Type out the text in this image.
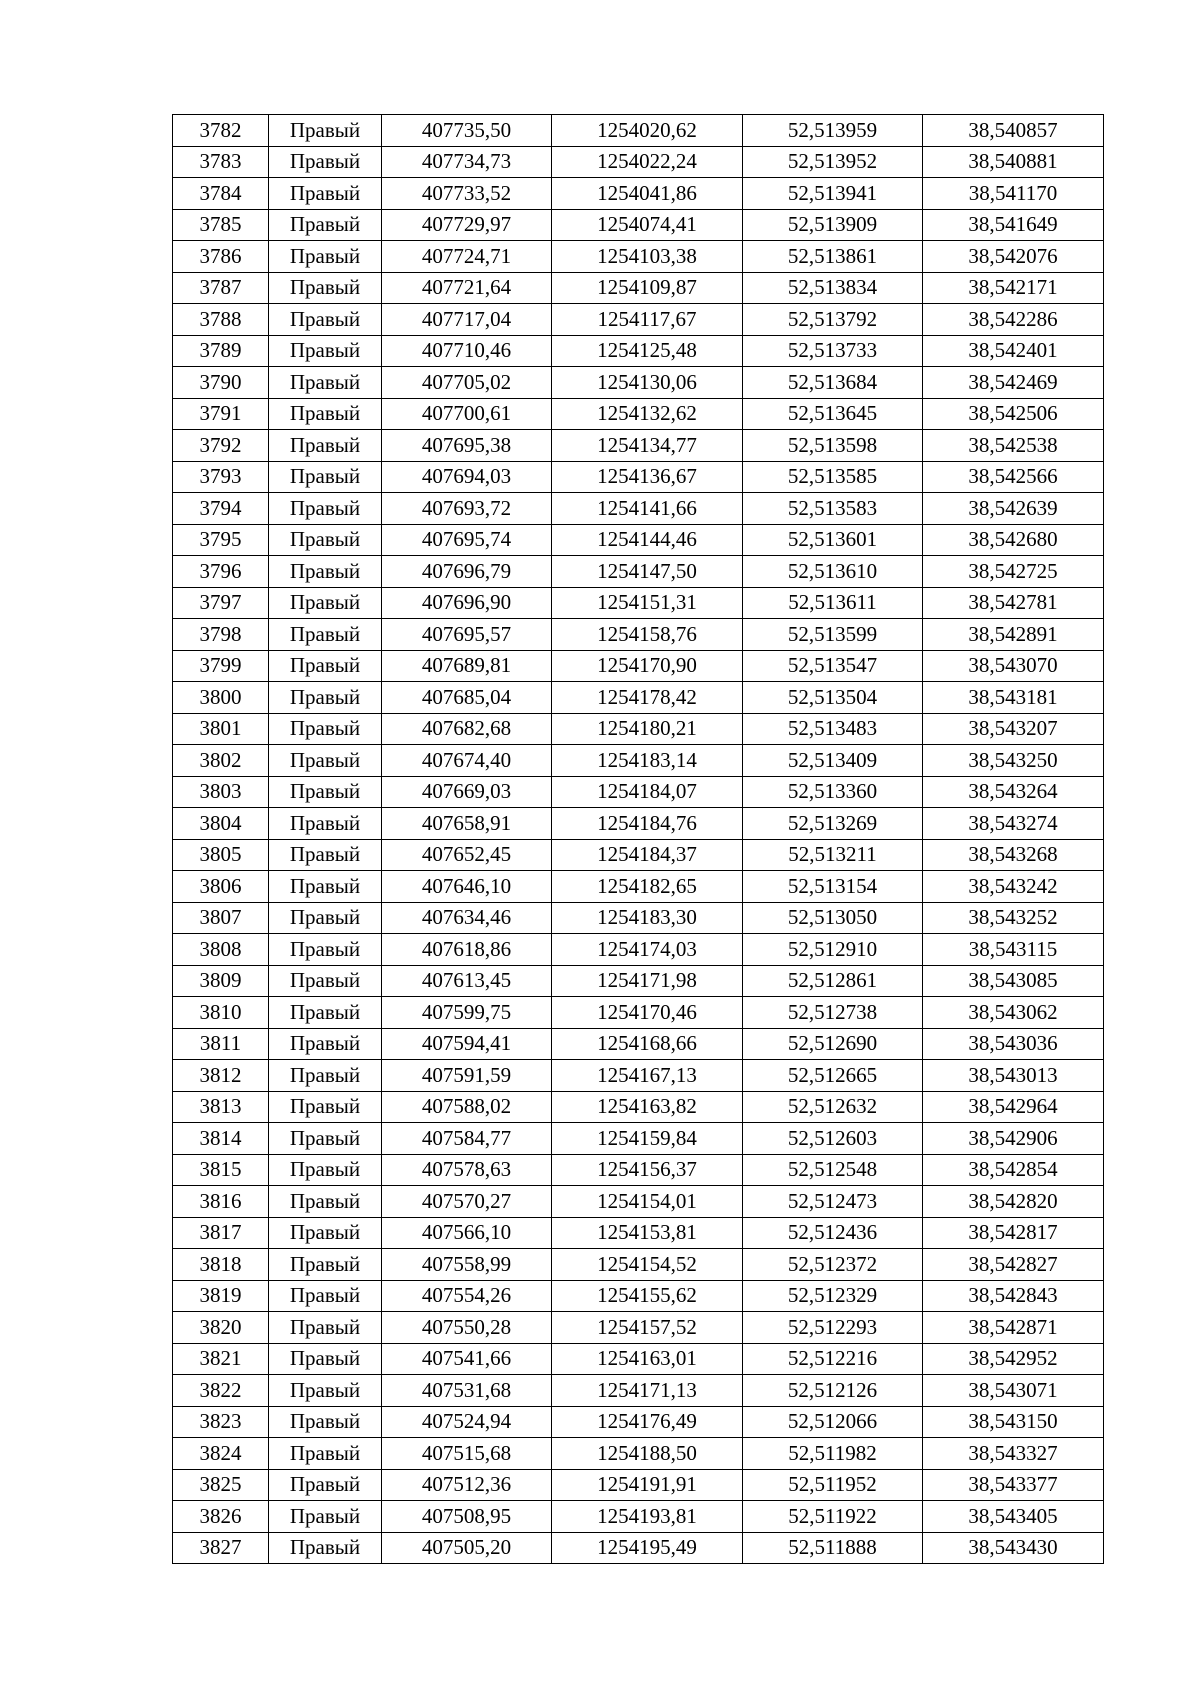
3782	Правый	407735,50	1254020,62	52,513959	38,540857
3783	Правый	407734,73	1254022,24	52,513952	38,540881
3784	Правый	407733,52	1254041,86	52,513941	38,541170
3785	Правый	407729,97	1254074,41	52,513909	38,541649
3786	Правый	407724,71	1254103,38	52,513861	38,542076
3787	Правый	407721,64	1254109,87	52,513834	38,542171
3788	Правый	407717,04	1254117,67	52,513792	38,542286
3789	Правый	407710,46	1254125,48	52,513733	38,542401
3790	Правый	407705,02	1254130,06	52,513684	38,542469
3791	Правый	407700,61	1254132,62	52,513645	38,542506
3792	Правый	407695,38	1254134,77	52,513598	38,542538
3793	Правый	407694,03	1254136,67	52,513585	38,542566
3794	Правый	407693,72	1254141,66	52,513583	38,542639
3795	Правый	407695,74	1254144,46	52,513601	38,542680
3796	Правый	407696,79	1254147,50	52,513610	38,542725
3797	Правый	407696,90	1254151,31	52,513611	38,542781
3798	Правый	407695,57	1254158,76	52,513599	38,542891
3799	Правый	407689,81	1254170,90	52,513547	38,543070
3800	Правый	407685,04	1254178,42	52,513504	38,543181
3801	Правый	407682,68	1254180,21	52,513483	38,543207
3802	Правый	407674,40	1254183,14	52,513409	38,543250
3803	Правый	407669,03	1254184,07	52,513360	38,543264
3804	Правый	407658,91	1254184,76	52,513269	38,543274
3805	Правый	407652,45	1254184,37	52,513211	38,543268
3806	Правый	407646,10	1254182,65	52,513154	38,543242
3807	Правый	407634,46	1254183,30	52,513050	38,543252
3808	Правый	407618,86	1254174,03	52,512910	38,543115
3809	Правый	407613,45	1254171,98	52,512861	38,543085
3810	Правый	407599,75	1254170,46	52,512738	38,543062
3811	Правый	407594,41	1254168,66	52,512690	38,543036
3812	Правый	407591,59	1254167,13	52,512665	38,543013
3813	Правый	407588,02	1254163,82	52,512632	38,542964
3814	Правый	407584,77	1254159,84	52,512603	38,542906
3815	Правый	407578,63	1254156,37	52,512548	38,542854
3816	Правый	407570,27	1254154,01	52,512473	38,542820
3817	Правый	407566,10	1254153,81	52,512436	38,542817
3818	Правый	407558,99	1254154,52	52,512372	38,542827
3819	Правый	407554,26	1254155,62	52,512329	38,542843
3820	Правый	407550,28	1254157,52	52,512293	38,542871
3821	Правый	407541,66	1254163,01	52,512216	38,542952
3822	Правый	407531,68	1254171,13	52,512126	38,543071
3823	Правый	407524,94	1254176,49	52,512066	38,543150
3824	Правый	407515,68	1254188,50	52,511982	38,543327
3825	Правый	407512,36	1254191,91	52,511952	38,543377
3826	Правый	407508,95	1254193,81	52,511922	38,543405
3827	Правый	407505,20	1254195,49	52,511888	38,543430
